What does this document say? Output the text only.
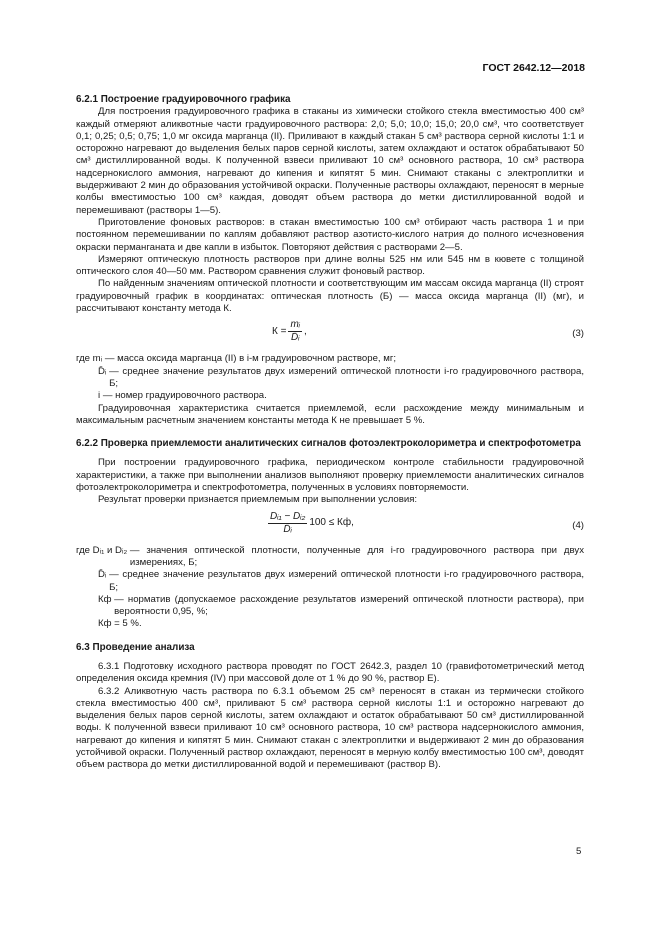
ГОСТ 2642.12—2018
6.2.1 Построение градуировочного графика

Для построения градуировочного графика в стаканы из химически стойкого стекла вместимостью 400 см³ каждый отмеряют аликвотные части градуировочного раствора: 2,0; 5,0; 10,0; 15,0; 20,0 см³, что соответствует 0,1; 0,25; 0,5; 0,75; 1,0 мг оксида марганца (II). Приливают в каждый стакан 5 см³ раствора серной кислоты 1:1 и осторожно нагревают до выделения белых паров серной кислоты, затем охлаждают и остаток обрабатывают 50 см³ дистиллированной воды. К полученной взвеси приливают 10 см³ основного раствора, 10 см³ раствора надсернокислого аммония, нагревают до кипения и кипятят 5 мин. Снимают стаканы с электроплитки и выдерживают 2 мин до образования устойчивой окраски. Полученные растворы охлаждают, переносят в мерные колбы вместимостью 100 см³ каждая, доводят объем раствора до метки дистиллированной водой и перемешивают (растворы 1—5).

Приготовление фоновых растворов: в стакан вместимостью 100 см³ отбирают часть раствора 1 и при постоянном перемешивании по каплям добавляют раствор азотисто-кислого натрия до полного исчезновения окраски перманганата и две капли в избыток. Повторяют действия с растворами 2—5.

Измеряют оптическую плотность растворов при длине волны 525 нм или 545 нм в кювете с толщиной оптического слоя 40—50 мм. Раствором сравнения служит фоновый раствор.

По найденным значениям оптической плотности и соответствующим им массам оксида марганца (II) строят градуировочный график в координатах: оптическая плотность (Б) — масса оксида марганца (II) (мг), и рассчитывают константу метода К.

$К = \frac{\text{mᵢ}}{\text{D̄ᵢ}}$ ,	(3)
где mᵢ
— масса оксида марганца (II) в i-м градуировочном растворе, мг;
D̄ᵢ
— среднее значение результатов двух измерений оптической плотности i-го градуировочного раствора, Б;
i
— номер градуировочного раствора.

Градуировочная характеристика считается приемлемой, если расхождение между минимальным и максимальным расчетным значением константы метода К не превышает 5 %.

6.2.2 Проверка приемлемости аналитических сигналов фотоэлектроколориметра и спектрофотометра

При построении градуировочного графика, периодическом контроле стабильности градуировочной характеристики, а также при выполнении анализов выполняют проверку приемлемости аналитических сигналов фотоэлектроколориметра и спектрофотометра, полученных в условиях повторяемости.

Результат проверки признается приемлемым при выполнении условия:

$\frac{\text{Dᵢ₁ − Dᵢ₂}}{\text{D̄ᵢ}} 100$ ≤ Кф,	(4)
где Dᵢ₁ и Dᵢ₂
— значения оптической плотности, полученные для i-го градуировочного раствора при двух измерениях, Б;
D̄ᵢ
— среднее значение результатов двух измерений оптической плотности i-го градуировочного раствора, Б;
Кф
— норматив (допускаемое расхождение результатов измерений оптической плотности раствора), при вероятности 0,95, %;
Кф = 5 %.
6.3 Проведение анализа

6.3.1 Подготовку исходного раствора проводят по ГОСТ 2642.3, раздел 10 (гравифотометрический метод определения оксида кремния (IV) при массовой доле от 1 % до 90 %, раствор Е).

6.3.2 Аликвотную часть раствора по 6.3.1 объемом 25 см³ переносят в стакан из термически стойкого стекла вместимостью 400 см³, приливают 5 см³ раствора серной кислоты 1:1 и осторожно нагревают до выделения белых паров серной кислоты, затем охлаждают и остаток обрабатывают 50 см³ дистиллированной воды. К полученной взвеси приливают 10 см³ основного раствора, 10 см³ раствора надсернокислого аммония, нагревают до кипения и кипятят 5 мин. Снимают стакан с электроплитки и выдерживают 2 мин до образования устойчивой окраски. Полученный раствор охлаждают, переносят в мерную колбу вместимостью 100 см³, доводят объем раствора до метки дистиллированной водой и перемешивают (раствор В).

5
